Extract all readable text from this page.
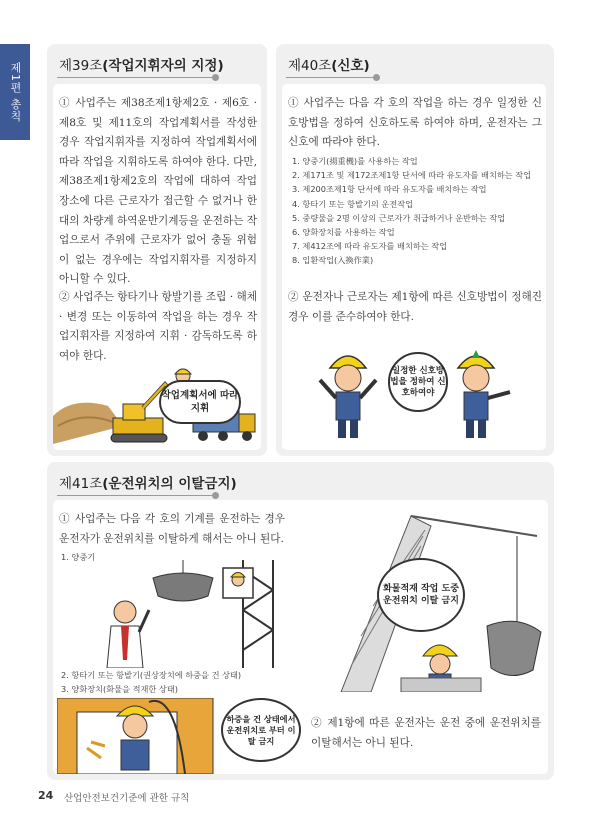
제1편 총칙	제39조(작업지휘자의 지정)
① 사업주는 제38조제1항제2호 · 제6호 · 제8호 및 제11호의 작업계획서를 작성한 경우 작업지휘자를 지정하여 작업계획서에 따라 작업을 지휘하도록 하여야 한다. 다만, 제38조제1항제2호의 작업에 대하여 작업장소에 다른 근로자가 접근할 수 없거나 한 대의 차량계 하역운반기계등을 운전하는 작업으로서 주위에 근로자가 없어 충돌 위험이 없는 경우에는 작업지휘자를 지정하지 아니할 수 있다.
② 사업주는 항타기나 항발기를 조립 · 해체 · 변경 또는 이동하여 작업을 하는 경우 작업지휘자를 지정하여 지휘 · 감독하도록 하여야 한다.
작업계획서에 따라 지휘
제40조(신호)
① 사업주는 다음 각 호의 작업을 하는 경우 일정한 신호방법을 정하여 신호하도록 하여야 하며, 운전자는 그 신호에 따라야 한다.
1. 양중기(揚重機)를 사용하는 작업
2. 제171조 및 제172조제1항 단서에 따라 유도자를 배치하는 작업
3. 제200조제1항 단서에 따라 유도자를 배치하는 작업
4. 항타기 또는 항발기의 운전작업
5. 중량물을 2명 이상의 근로자가 취급하거나 운반하는 작업
6. 양화장치를 사용하는 작업
7. 제412조에 따라 유도자를 배치하는 작업
8. 입환작업(入換作業)
② 운전자나 근로자는 제1항에 따른 신호방법이 정해진 경우 이를 준수하여야 한다.
일정한 신호방법을 정하여 신호하여야
제41조(운전위치의 이탈금지)
① 사업주는 다음 각 호의 기계를 운전하는 경우 운전자가 운전위치를 이탈하게 해서는 아니 된다.
1. 양중기
2. 항타기 또는 항발기(권상장치에 하중을 건 상태)
3. 양화장치(화물을 적재한 상태)
하중을 건 상태에서 운전위치로 부터 이탈 금지
화물적재 작업 도중 운전위치 이탈 금지
② 제1항에 따른 운전자는 운전 중에 운전위치를 이탈해서는 아니 된다.
24 산업안전보건기준에 관한 규칙
